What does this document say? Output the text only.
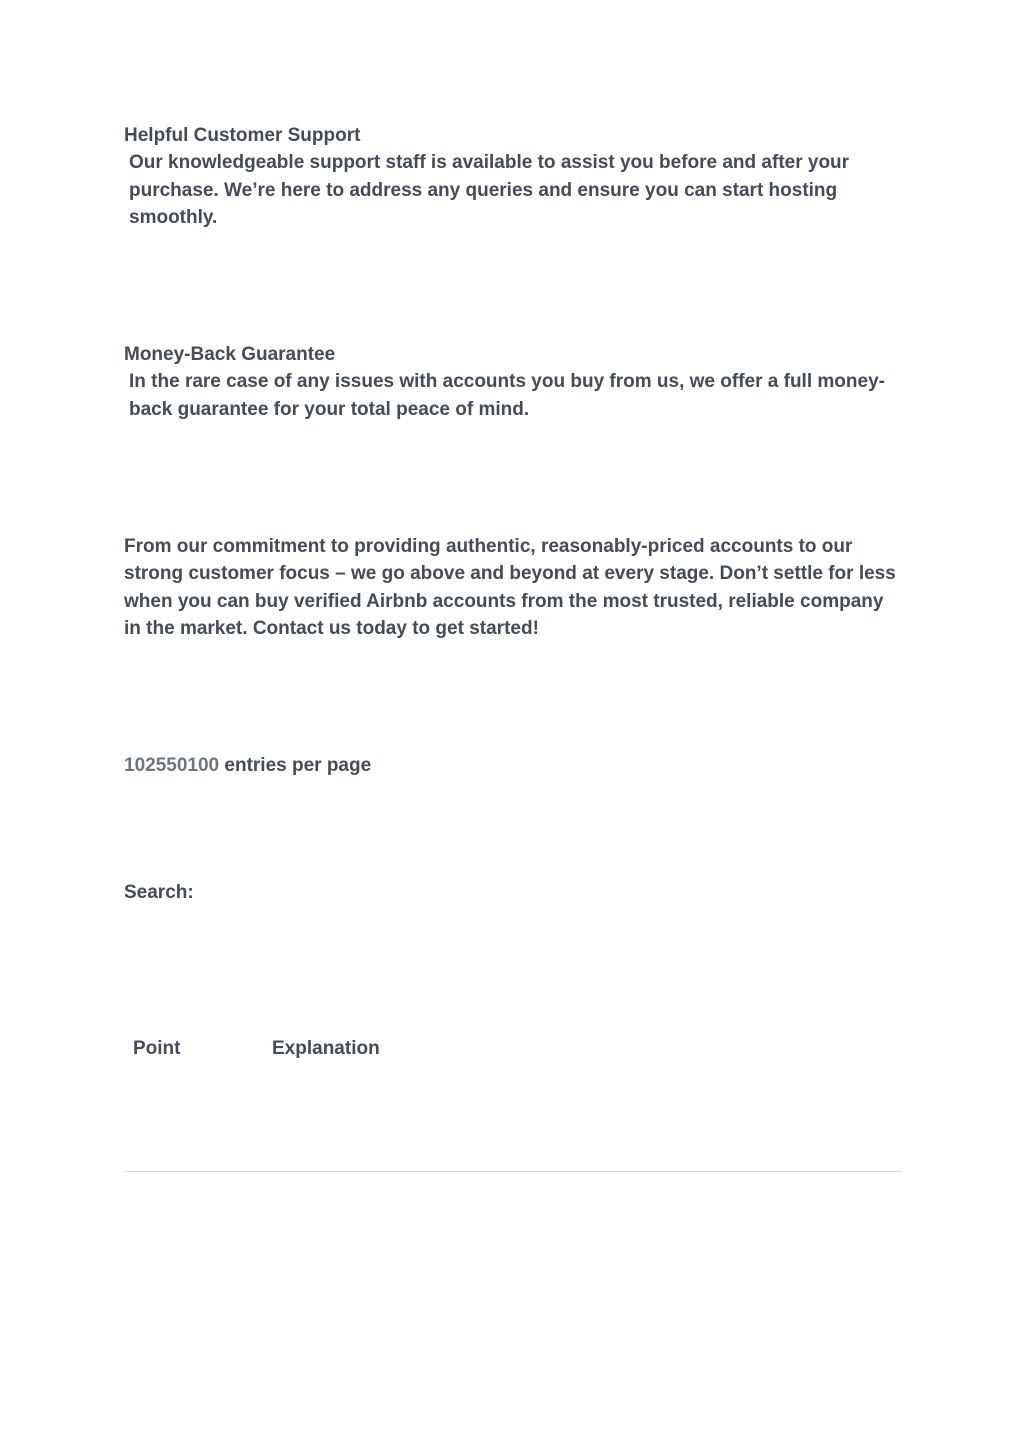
Helpful Customer Support

Our knowledgeable support staff is available to assist you before and after your purchase. We’re here to address any queries and ensure you can start hosting smoothly.

Money-Back Guarantee

In the rare case of any issues with accounts you buy from us, we offer a full money-back guarantee for your total peace of mind.

From our commitment to providing authentic, reasonably-priced accounts to our strong customer focus – we go above and beyond at every stage. Don’t settle for less when you can buy verified Airbnb accounts from the most trusted, reliable company in the market. Contact us today to get started!

102550100 entries per page
Search:
Point	Explanation
